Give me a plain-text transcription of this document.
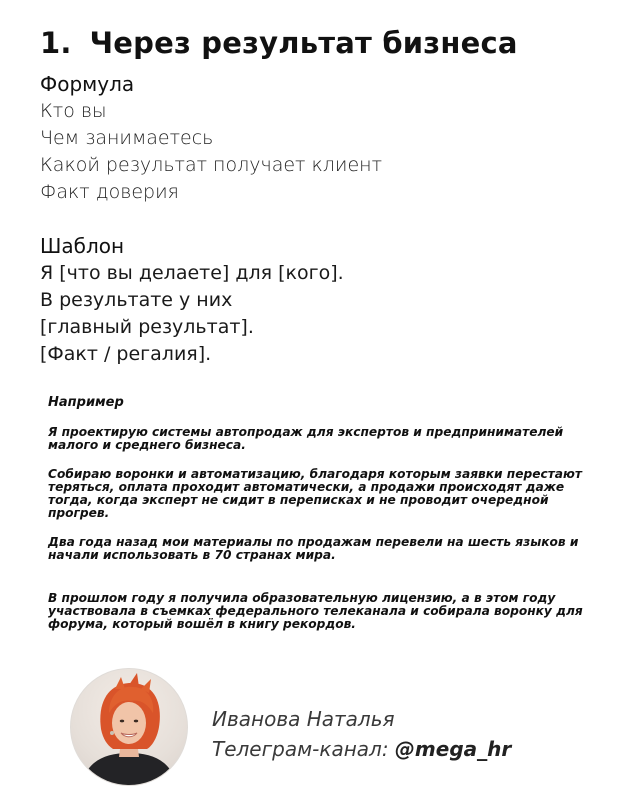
1. Через результат бизнеса
Формула
Кто вы
Чем занимаетесь
Какой результат получает клиент
Факт доверия
Шаблон
Я [что вы делаете] для [кого].
В результате у них
[главный результат].
[Факт / регалия].
Например

Я проектирую системы автопродаж для экспертов и предпринимателей малого и среднего бизнеса.

Собираю воронки и автоматизацию, благодаря которым заявки перестают теряться, оплата проходит автоматически, а продажи происходят даже тогда, когда эксперт не сидит в переписках и не проводит очередной прогрев.

Два года назад мои материалы по продажам перевели на шесть языков и начали использовать в 70 странах мира.

В прошлом году я получила образовательную лицензию, а в этом году участвовала в съемках федерального телеканала и собирала воронку для форума, который вошёл в книгу рекордов.

Иванова Наталья
Телеграм-канал: @mega_hr
